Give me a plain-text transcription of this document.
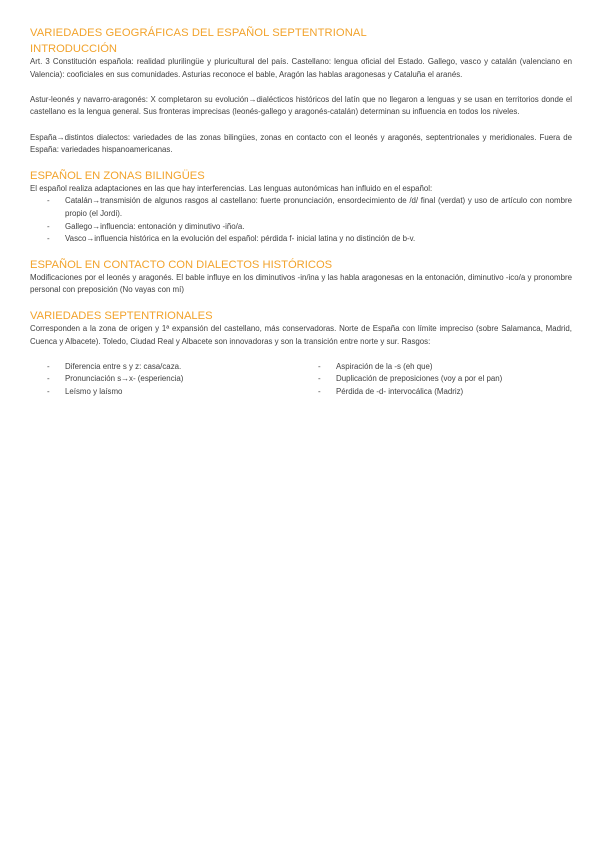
VARIEDADES GEOGRÁFICAS DEL ESPAÑOL SEPTENTRIONAL
INTRODUCCIÓN

Art. 3 Constitución española: realidad plurilingüe y pluricultural del país. Castellano: lengua oficial del Estado. Gallego, vasco y catalán (valenciano en Valencia): cooficiales en sus comunidades. Asturias reconoce el bable, Aragón las hablas aragonesas y Cataluña el aranés.

Astur-leonés y navarro-aragonés: X completaron su evolución→dialécticos históricos del latín que no llegaron a lenguas y se usan en territorios donde el castellano es la lengua general. Sus fronteras imprecisas (leonés-gallego y aragonés-catalán) determinan su influencia en todos los niveles.

España→distintos dialectos: variedades de las zonas bilingües, zonas en contacto con el leonés y aragonés, septentrionales y meridionales. Fuera de España: variedades hispanoamericanas.

ESPAÑOL EN ZONAS BILINGÜES

El español realiza adaptaciones en las que hay interferencias. Las lenguas autonómicas han influido en el español:

- Catalán→transmisión de algunos rasgos al castellano: fuerte pronunciación, ensordecimiento de /d/ final (verdat) y uso de artículo con nombre propio (el Jordi).
- Gallego→influencia: entonación y diminutivo -iño/a.
- Vasco→influencia histórica en la evolución del español: pérdida f- inicial latina y no distinción de b-v.
ESPAÑOL EN CONTACTO CON DIALECTOS HISTÓRICOS

Modificaciones por el leonés y aragonés. El bable influye en los diminutivos -in/ina y las habla aragonesas en la entonación, diminutivo -ico/a y pronombre personal con preposición (No vayas con mí)

VARIEDADES SEPTENTRIONALES

Corresponden a la zona de origen y 1ª expansión del castellano, más conservadoras. Norte de España con límite impreciso (sobre Salamanca, Madrid, Cuenca y Albacete). Toledo, Ciudad Real y Albacete son innovadoras y son la transición entre norte y sur. Rasgos:

- Diferencia entre s y z: casa/caza.
- Pronunciación s→x- (esperiencia)
- Leísmo y laísmo
- Aspiración de la -s (eh que)
- Duplicación de preposiciones (voy a por el pan)
- Pérdida de -d- intervocálica (Madriz)
